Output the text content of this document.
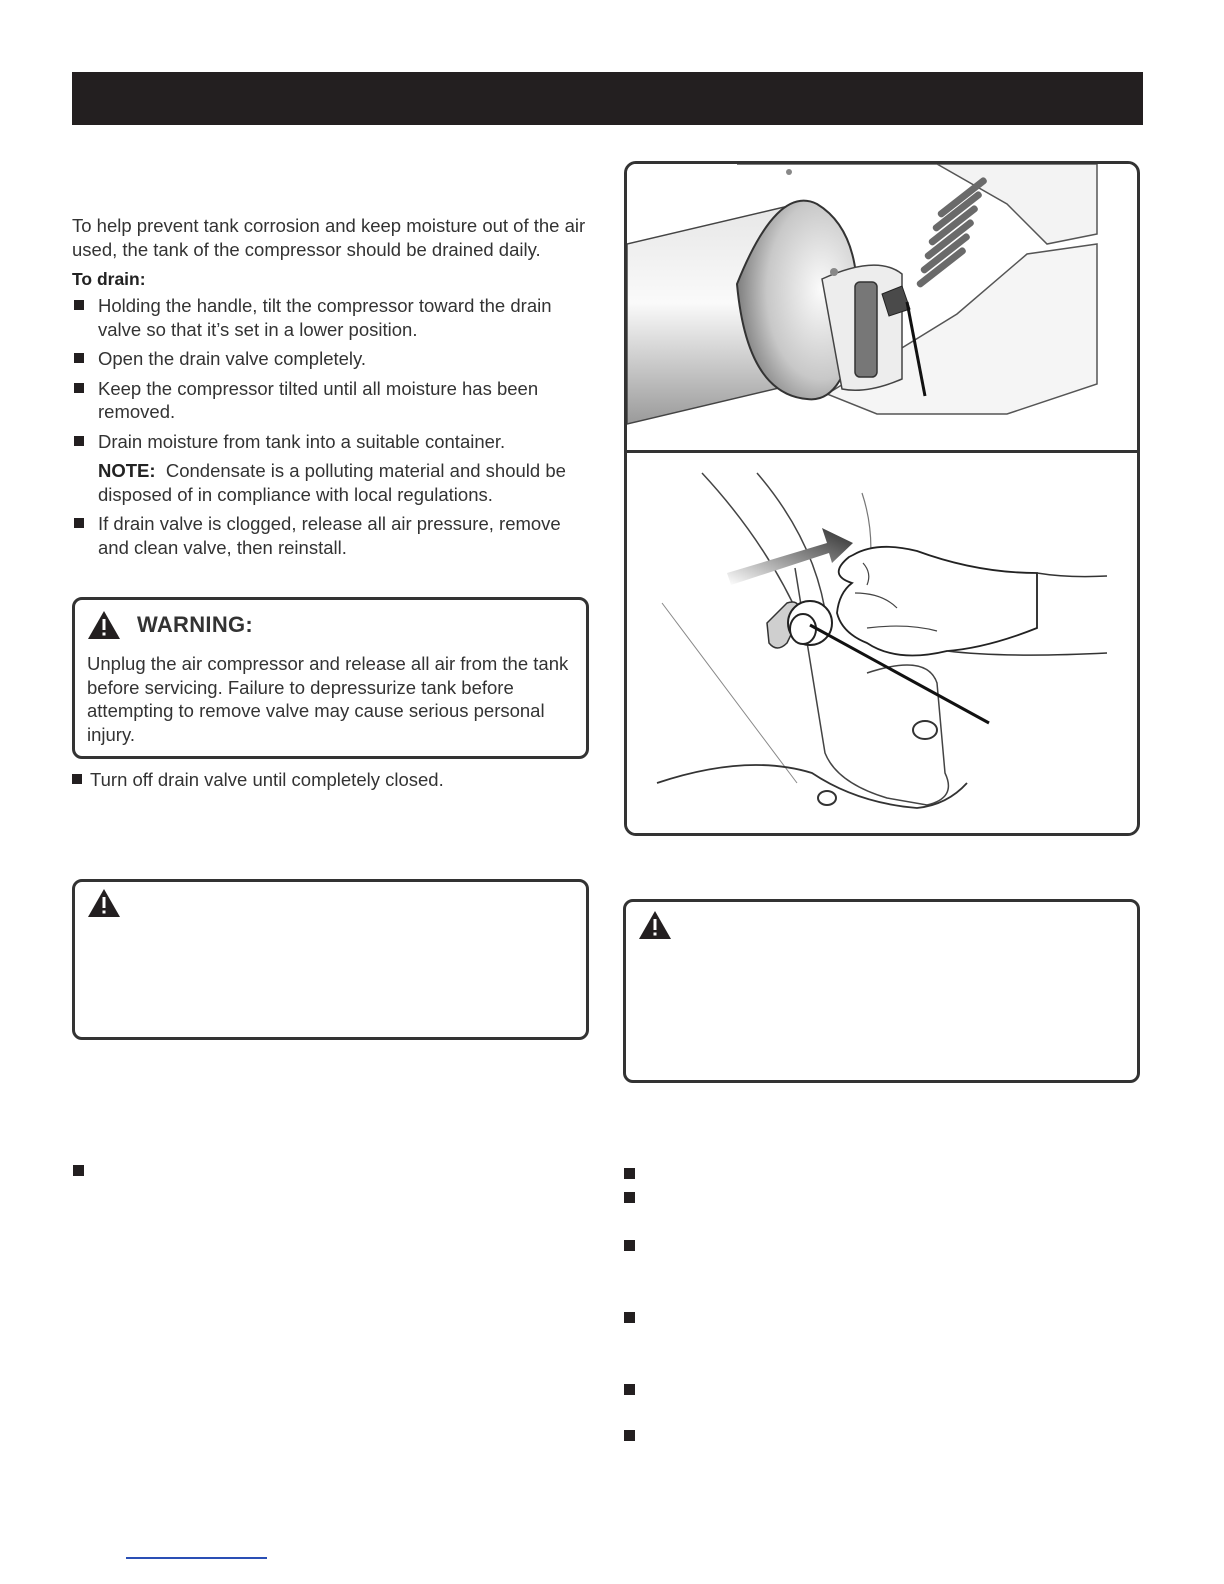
To help prevent tank corrosion and keep moisture out of the air used, the tank of the compressor should be drained daily.

To drain:

Holding the handle, tilt the compressor toward the drain valve so that it’s set in a lower position.
Open the drain valve completely.
Keep the compressor tilted until all moisture has been removed.
Drain moisture from tank into a suitable container.

NOTE: Condensate is a polluting material and should be disposed of in compliance with local regulations.

If drain valve is clogged, release all air pressure, remove and clean valve, then reinstall.
WARNING:
Unplug the air compressor and release all air from the tank before servicing. Failure to depressurize tank before attempting to remove valve may cause serious personal injury.
Turn off drain valve until completely closed.
